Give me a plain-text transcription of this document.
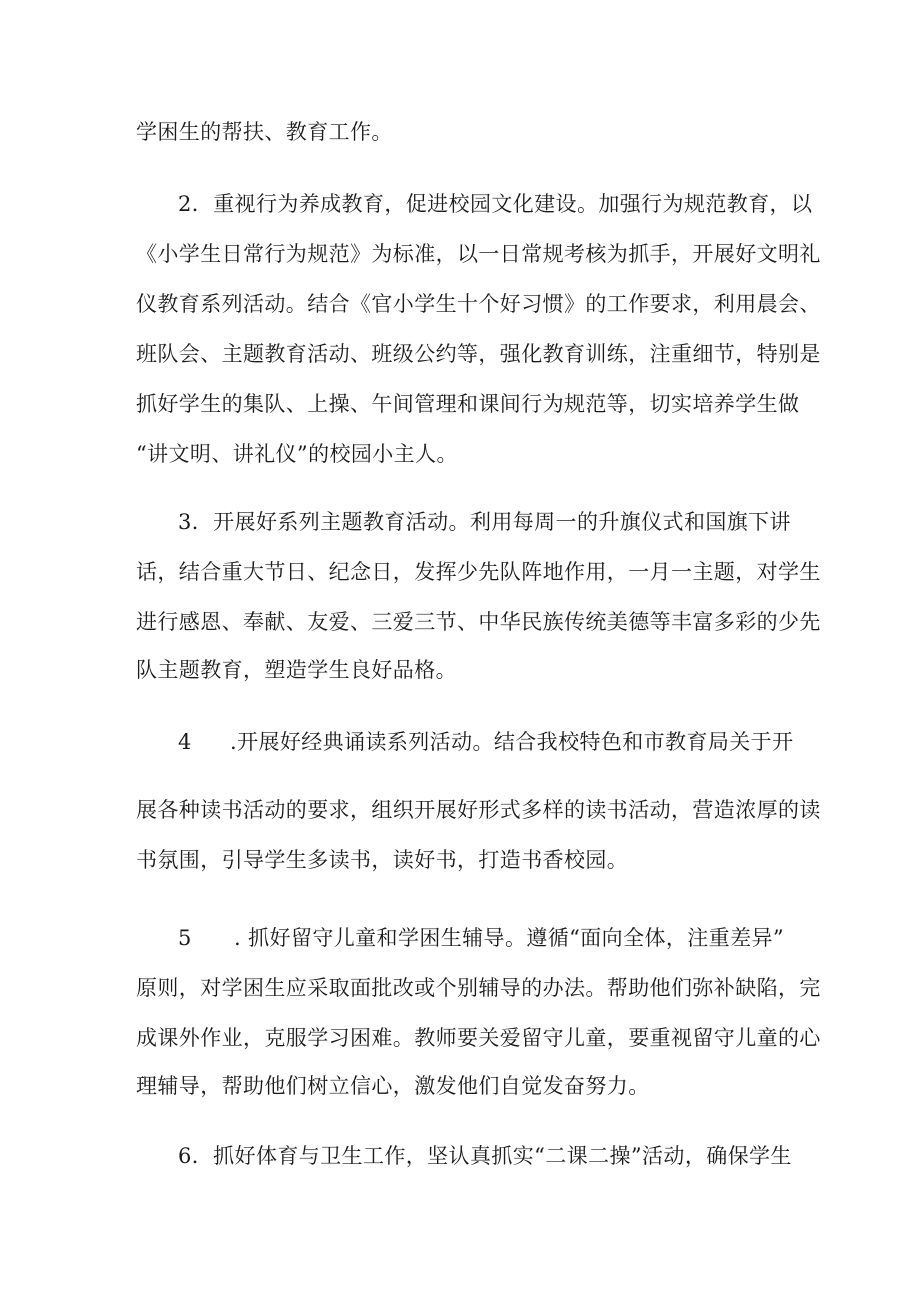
学困生的帮扶、教育工作。
2．重视行为养成教育，促进校园文化建设。加强行为规范教育，以
《小学生日常行为规范》为标准，以一日常规考核为抓手，开展好文明礼
仪教育系列活动。结合《官小学生十个好习惯》的工作要求，利用晨会、
班队会、主题教育活动、班级公约等，强化教育训练，注重细节，特别是
抓好学生的集队、上操、午间管理和课间行为规范等，切实培养学生做
“讲文明、讲礼仪”的校园小主人。
3．开展好系列主题教育活动。利用每周一的升旗仪式和国旗下讲
话，结合重大节日、纪念日，发挥少先队阵地作用，一月一主题，对学生
进行感恩、奉献、友爱、三爱三节、中华民族传统美德等丰富多彩的少先
队主题教育，塑造学生良好品格。
4 .开展好经典诵读系列活动。结合我校特色和市教育局关于开
展各种读书活动的要求，组织开展好形式多样的读书活动，营造浓厚的读
书氛围，引导学生多读书，读好书，打造书香校园。
5 . 抓好留守儿童和学困生辅导。遵循“面向全体，注重差异”
原则，对学困生应采取面批改或个别辅导的办法。帮助他们弥补缺陷，完
成课外作业，克服学习困难。教师要关爱留守儿童，要重视留守儿童的心
理辅导，帮助他们树立信心，激发他们自觉发奋努力。
6．抓好体育与卫生工作，坚认真抓实“二课二操”活动，确保学生
